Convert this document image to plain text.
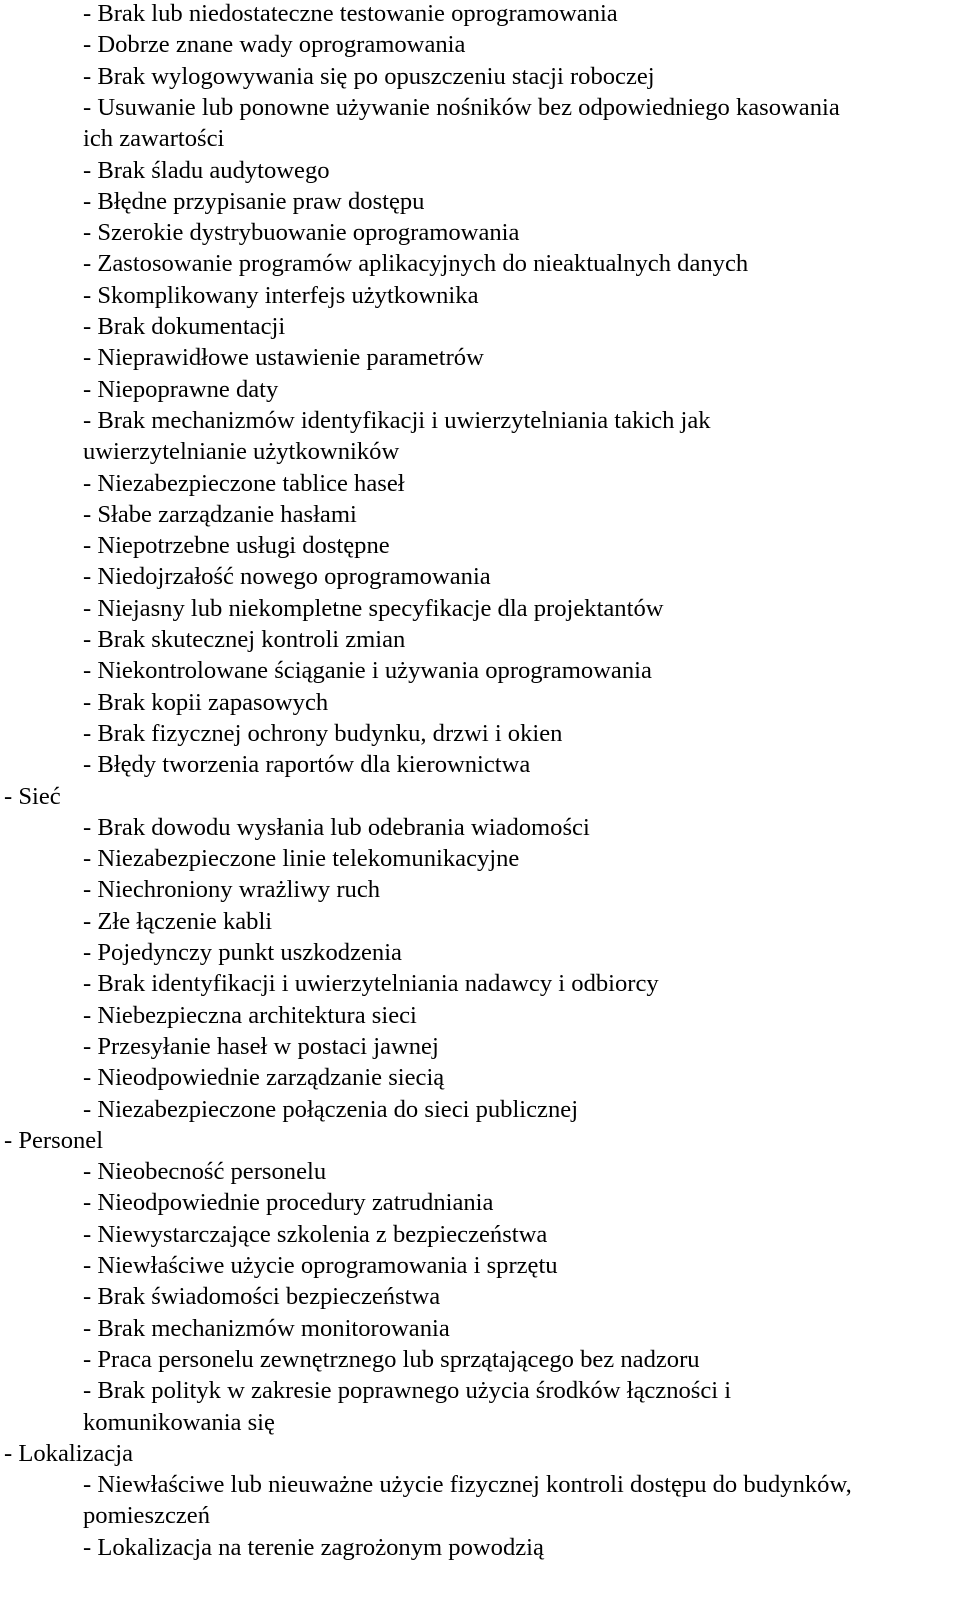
- Brak lub niedostateczne testowanie oprogramowania
- Dobrze znane wady oprogramowania
- Brak wylogowywania się po opuszczeniu stacji roboczej
- Usuwanie lub ponowne używanie nośników bez odpowiedniego kasowania
ich zawartości
- Brak śladu audytowego
- Błędne przypisanie praw dostępu
- Szerokie dystrybuowanie oprogramowania
- Zastosowanie programów aplikacyjnych do nieaktualnych danych
- Skomplikowany interfejs użytkownika
- Brak dokumentacji
- Nieprawidłowe ustawienie parametrów
- Niepoprawne daty
- Brak mechanizmów identyfikacji i uwierzytelniania takich jak
uwierzytelnianie użytkowników
- Niezabezpieczone tablice haseł
- Słabe zarządzanie hasłami
- Niepotrzebne usługi dostępne
- Niedojrzałość nowego oprogramowania
- Niejasny lub niekompletne specyfikacje dla projektantów
- Brak skutecznej kontroli zmian
- Niekontrolowane ściąganie i używania oprogramowania
- Brak kopii zapasowych
- Brak fizycznej ochrony budynku, drzwi i okien
- Błędy tworzenia raportów dla kierownictwa
- Sieć
- Brak dowodu wysłania lub odebrania wiadomości
- Niezabezpieczone linie telekomunikacyjne
- Niechroniony wrażliwy ruch
- Złe łączenie kabli
- Pojedynczy punkt uszkodzenia
- Brak identyfikacji i uwierzytelniania nadawcy i odbiorcy
- Niebezpieczna architektura sieci
- Przesyłanie haseł w postaci jawnej
- Nieodpowiednie zarządzanie siecią
- Niezabezpieczone połączenia do sieci publicznej
- Personel
- Nieobecność personelu
- Nieodpowiednie procedury zatrudniania
- Niewystarczające szkolenia z bezpieczeństwa
- Niewłaściwe użycie oprogramowania i sprzętu
- Brak świadomości bezpieczeństwa
- Brak mechanizmów monitorowania
- Praca personelu zewnętrznego lub sprzątającego bez nadzoru
- Brak polityk w zakresie poprawnego użycia środków łączności i
komunikowania się
- Lokalizacja
- Niewłaściwe lub nieuważne użycie fizycznej kontroli dostępu do budynków,
pomieszczeń
- Lokalizacja na terenie zagrożonym powodzią
